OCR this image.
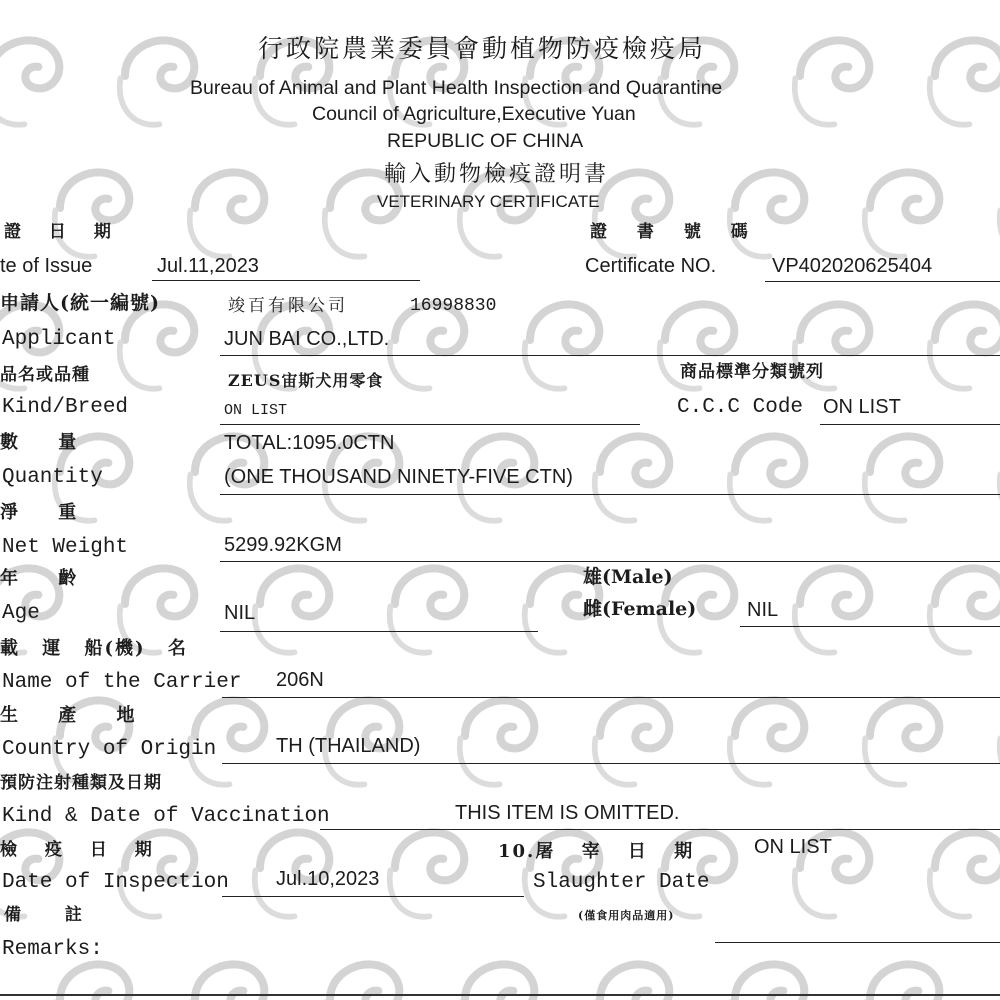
行政院農業委員會動植物防疫檢疫局
Bureau of Animal and Plant Health Inspection and Quarantine
Council of Agriculture,Executive Yuan
REPUBLIC OF CHINA
輸入動物檢疫證明書
VETERINARY CERTIFICATE
證 日 期
te of Issue	Jul.11,2023
證 書 號 碼
Certificate NO.	VP402020625404
申請人(統一編號)	竣百有限公司	16998830
Applicant	JUN BAI CO.,LTD.
品名或品種	ZEUS宙斯犬用零食
Kind/Breed	ON LIST
商品標準分類號列
C.C.C Code ON LIST
數 量	TOTAL:1095.0CTN
Quantity	(ONE THOUSAND NINETY-FIVE CTN)
淨 重
Net Weight	5299.92KGM
年 齡
Age	NIL
雄(Male)
雌(Female)	NIL
載 運 船(機) 名
Name of the Carrier 206N
生 產 地
Country of Origin	TH (THAILAND)
預防注射種類及日期
Kind & Date of Vaccination	THIS ITEM IS OMITTED.
檢 疫 日 期
Date of Inspection Jul.10,2023
10.屠 宰 日 期	ON LIST
Slaughter Date
(僅食用肉品適用)
備 註
Remarks:
